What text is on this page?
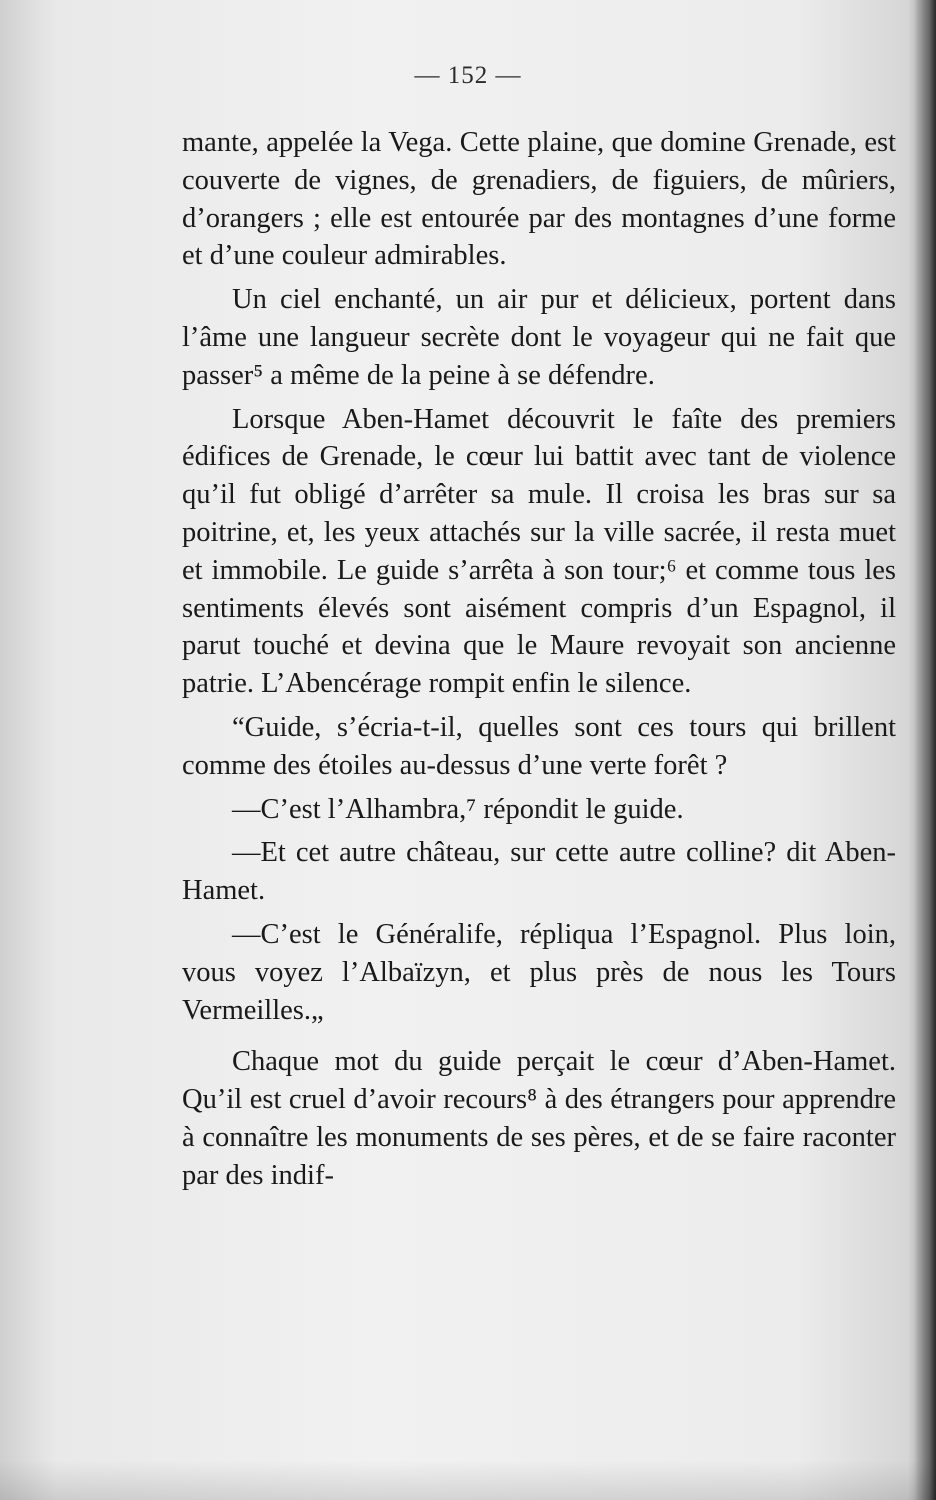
— 152 —

mante, appelée la Vega. Cette plaine, que domine Grenade, est couverte de vignes, de grenadiers, de figuiers, de mûriers, d’orangers ; elle est entourée par des montagnes d’une forme et d’une couleur admirables.

Un ciel enchanté, un air pur et délicieux, portent dans l’âme une langueur secrète dont le voyageur qui ne fait que passer⁵ a même de la peine à se défendre.

Lorsque Aben-Hamet découvrit le faîte des premiers édifices de Grenade, le cœur lui battit avec tant de violence qu’il fut obligé d’arrêter sa mule. Il croisa les bras sur sa poitrine, et, les yeux attachés sur la ville sacrée, il resta muet et immobile. Le guide s’arrêta à son tour;⁶ et comme tous les sentiments élevés sont aisément compris d’un Espagnol, il parut touché et devina que le Maure revoyait son ancienne patrie. L’Abencérage rompit enfin le silence.

“Guide, s’écria-t-il, quelles sont ces tours qui brillent comme des étoiles au-dessus d’une verte forêt ?

—C’est l’Alhambra,⁷ répondit le guide.

—Et cet autre château, sur cette autre colline? dit Aben-Hamet.

—C’est le Généralife, répliqua l’Espagnol. Plus loin, vous voyez l’Albaïzyn, et plus près de nous les Tours Vermeilles.„

Chaque mot du guide perçait le cœur d’Aben-Hamet. Qu’il est cruel d’avoir recours⁸ à des étrangers pour apprendre à connaître les monuments de ses pères, et de se faire raconter par des indif-
